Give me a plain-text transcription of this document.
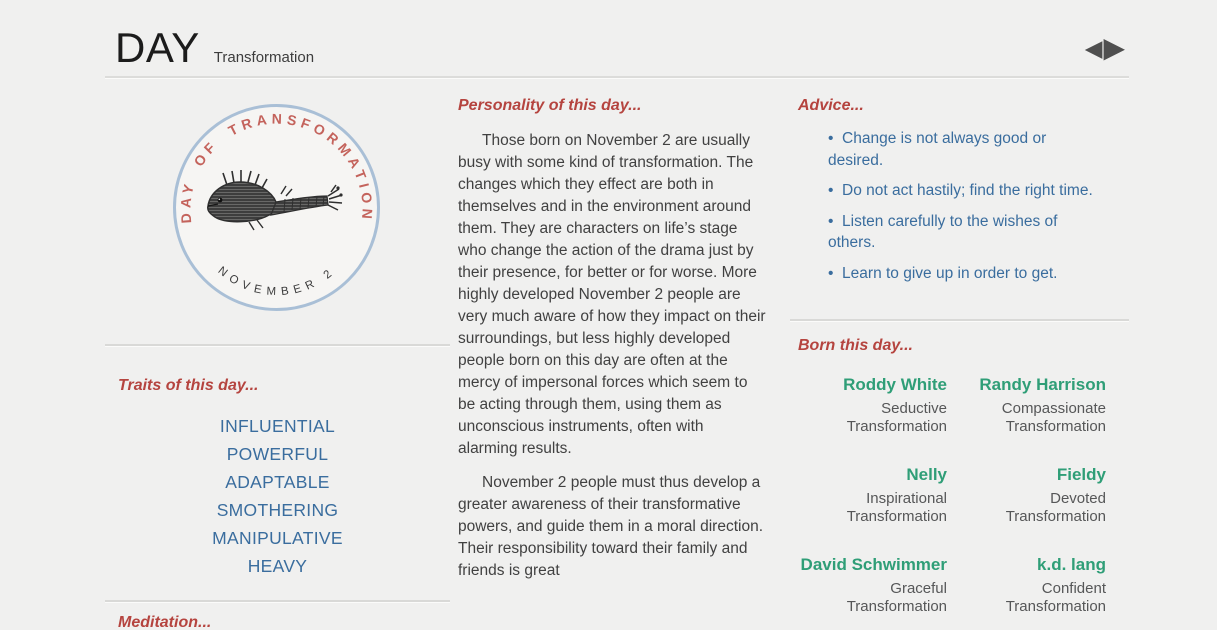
DAY Transformation	◀ ▶
DAY OF TRANSFORMATION
NOVEMBER 2
Traits of this day...
INFLUENTIAL
POWERFUL
ADAPTABLE
SMOTHERING
MANIPULATIVE
HEAVY
Meditation...
Personality of this day...

Those born on November 2 are usually busy with some kind of transformation. The changes which they effect are both in themselves and in the environment around them. They are characters on life’s stage who change the action of the drama just by their presence, for better or for worse. More highly developed November 2 people are very much aware of how they impact on their surroundings, but less highly developed people born on this day are often at the mercy of impersonal forces which seem to be acting through them, using them as unconscious instruments, often with alarming results.

November 2 people must thus develop a greater awareness of their transformative powers, and guide them in a moral direction. Their responsibility toward their family and friends is great

Advice...
•  Change is not always good or desired.
•  Do not act hastily; find the right time.
•  Listen carefully to the wishes of others.
•  Learn to give up in order to get.
Born this day...
Roddy White
Seductive Transformation
Randy Harrison
Compassionate Transformation
Nelly
Inspirational Transformation
Fieldy
Devoted Transformation
David Schwimmer
Graceful Transformation
k.d. lang
Confident Transformation
